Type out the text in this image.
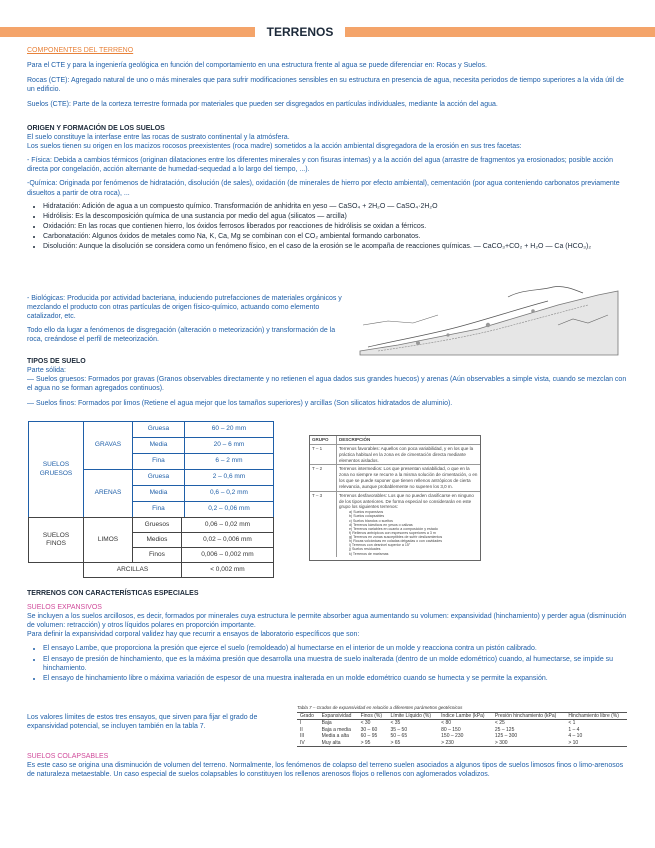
TERRENOS

COMPONENTES DEL TERRENO

Para el CTE y para la ingeniería geológica en función del comportamiento en una estructura frente al agua se puede diferenciar en: Rocas y Suelos.

Rocas (CTE): Agregado natural de uno o más minerales que para sufrir modificaciones sensibles en su estructura en presencia de agua, necesita periodos de tiempo superiores a la vida útil de un edificio.

Suelos (CTE): Parte de la corteza terrestre formada por materiales que pueden ser disgregados en partículas individuales, mediante la acción del agua.

ORIGEN Y FORMACIÓN DE LOS SUELOS

El suelo constituye la interfase entre las rocas de sustrato continental y la atmósfera.

Los suelos tienen su origen en los macizos rocosos preexistentes (roca madre) sometidos a la acción ambiental disgregadora de la erosión en sus tres facetas:

- Física: Debida a cambios térmicos (originan dilataciones entre los diferentes minerales y con fisuras internas) y a la acción del agua (arrastre de fragmentos ya erosionados; posible acción directa por congelación, acción alternante de humedad-sequedad a lo largo del tiempo, ...).

-Química: Originada por fenómenos de hidratación, disolución (de sales), oxidación (de minerales de hierro por efecto ambiental), cementación (por agua conteniendo carbonatos previamente disueltos a partir de otra roca), ...

• Hidratación: Adición de agua a un compuesto químico. Transformación de anhidrita en yeso — CaSO₄ + 2H₂O — CaSO₄·2H₂O
• Hidrólisis: Es la descomposición química de una sustancia por medio del agua (silicatos — arcilla)
• Oxidación: En las rocas que contienen hierro, los óxidos ferrosos liberados por reacciones de hidrólisis se oxidan a férricos.
• Carbonatación: Algunos óxidos de metales como Na, K, Ca, Mg se combinan con el CO₂ ambiental formando carbonatos.
• Disolución: Aunque la disolución se considera como un fenómeno físico, en el caso de la erosión se le acompaña de reacciones químicas. — CaCO₃+CO₂ + H₂O — Ca (HCO₃)₂

- Biológicas: Producida por actividad bacteriana, induciendo putrefacciones de materiales orgánicos y mezclando el producto con otras partículas de origen físico-químico, actuando como elemento catalizador, etc.

Todo ello da lugar a fenómenos de disgregación (alteración o meteorización) y transformación de la roca, creándose el perfil de meteorización.

TIPOS DE SUELO

Parte sólida:

— Suelos gruesos: Formados por gravas (Granos observables directamente y no retienen el agua dados sus grandes huecos) y arenas (Aún observables a simple vista, cuando se mezclan con el agua no se forman agregados continuos).

— Suelos finos: Formados por limos (Retiene el agua mejor que los tamaños superiores) y arcillas (Son silicatos hidratados de aluminio).

SUELOS GRUESOS	GRAVAS	Gruesa	60 – 20 mm
		Media	20 – 6 mm
		Fina	6 – 2 mm
	ARENAS	Gruesa	2 – 0,6 mm
		Media	0,6 – 0,2 mm
		Fina	0,2 – 0,06 mm
SUELOS FINOS	LIMOS	Gruesos	0,06 – 0,02 mm
		Medios	0,02 – 0,006 mm
		Finos	0,006 – 0,002 mm
	ARCILLAS		< 0,002 mm
GRUPO	DESCRIPCIÓN
T – 1	Terrenos favorables: Aquellos con poca variabilidad, y en los que la práctica habitual en la zona es de cimentación directa mediante elementos aislados.
T – 2	Terrenos intermedios: Los que presentan variabilidad, o que en la zona no siempre se recurre a la misma solución de cimentación, o en los que se puede suponer que tienen rellenos antrópicos de cierta relevancia, aunque probablemente no superen los 3,0 m.
T – 3	Terrenos desfavorables: Los que no pueden clasificarse en ninguno de los tipos anteriores. De forma especial se considerarán en este grupo los siguientes terrenos:
a) Suelos expansivos
b) Suelos colapsables
c) Suelos blandos o sueltos
d) Terrenos kársticos en yesos o calizas
e) Terrenos variables en cuanto a composición y estado
f) Rellenos antrópicos con espesores superiores a 3 m
g) Terrenos en zonas susceptibles de sufrir deslizamientos
h) Rocas volcánicas en coladas delgadas o con cavidades
i) Terrenos con desnivel superior a 15°
j) Suelos residuales
k) Terrenos de marismas

TERRENOS CON CARACTERÍSTICAS ESPECIALES

SUELOS EXPANSIVOS

Se incluyen a los suelos arcillosos, es decir, formados por minerales cuya estructura le permite absorber agua aumentando su volumen: expansividad (hinchamiento) y perder agua (disminución de volumen: retracción) y otros líquidos polares en proporción importante.

Para definir la expansividad corporal validez hay que recurrir a ensayos de laboratorio específicos que son:

• El ensayo Lambe, que proporciona la presión que ejerce el suelo (remoldeado) al humectarse en el interior de un molde y reacciona contra un pistón calibrado.
• El ensayo de presión de hinchamiento, que es la máxima presión que desarrolla una muestra de suelo inalterada (dentro de un molde edométrico) cuando, al humectarse, se impide su hinchamiento.
• El ensayo de hinchamiento libre o máxima variación de espesor de una muestra inalterada en un molde edométrico cuando se humecta y se permite la expansión.
Los valores límites de estos tres ensayos, que sirven para fijar el grado de expansividad potencial, se incluyen también en la tabla 7.
Tabla 7 – Grados de expansividad en relación a diferentes parámetros geotécnicos
Grado	Expansividad	Finos (%)	Límite Líquido (%)	Índice Lambe (kPa)	Presión hinchamiento (kPa)	Hinchamiento libre (%)
I	Baja	< 30	< 35	< 80	< 25	< 1
II	Baja a media	30 – 60	35 – 50	80 – 150	25 – 125	1 – 4
III	Media a alta	60 – 95	50 – 65	150 – 230	125 – 300	4 – 10
IV	Muy alta	> 95	> 65	> 230	> 300	> 10

SUELOS COLAPSABLES

Es este caso se origina una disminución de volumen del terreno. Normalmente, los fenómenos de colapso del terreno suelen asociados a algunos tipos de suelos limosos finos o limo-arenosos de naturaleza metaestable. Un caso especial de suelos colapsables lo constituyen los rellenos arenosos flojos o rellenos con aglomerados voladizos.
